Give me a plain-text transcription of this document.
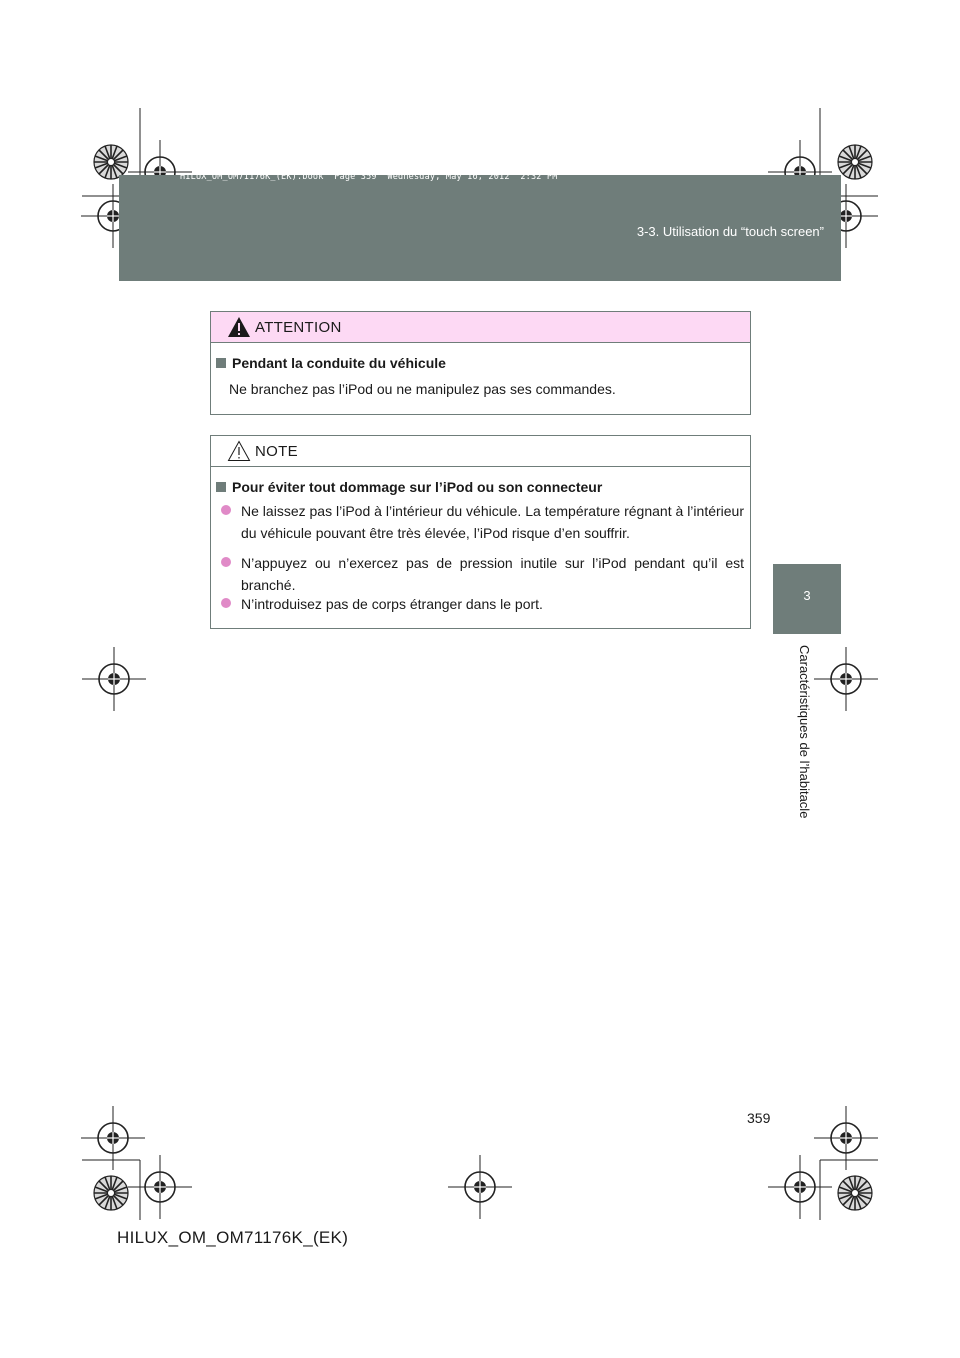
HILUX_OM_OM71176K_(EK).book  Page 359  Wednesday, May 16, 2012  2:32 PM
3-3. Utilisation du “touch screen”
3
Caractéristiques de l’habitacle
ATTENTION
Pendant la conduite du véhicule
Ne branchez pas l’iPod ou ne manipulez pas ses commandes.
NOTE
Pour éviter tout dommage sur l’iPod ou son connecteur
Ne laissez pas l’iPod à l’intérieur du véhicule. La température régnant à l’intérieur du véhicule pouvant être très élevée, l’iPod risque d’en souffrir.
N’appuyez ou n’exercez pas de pression inutile sur l’iPod pendant qu’il est branché.
N’introduisez pas de corps étranger dans le port.
359
HILUX_OM_OM71176K_(EK)
